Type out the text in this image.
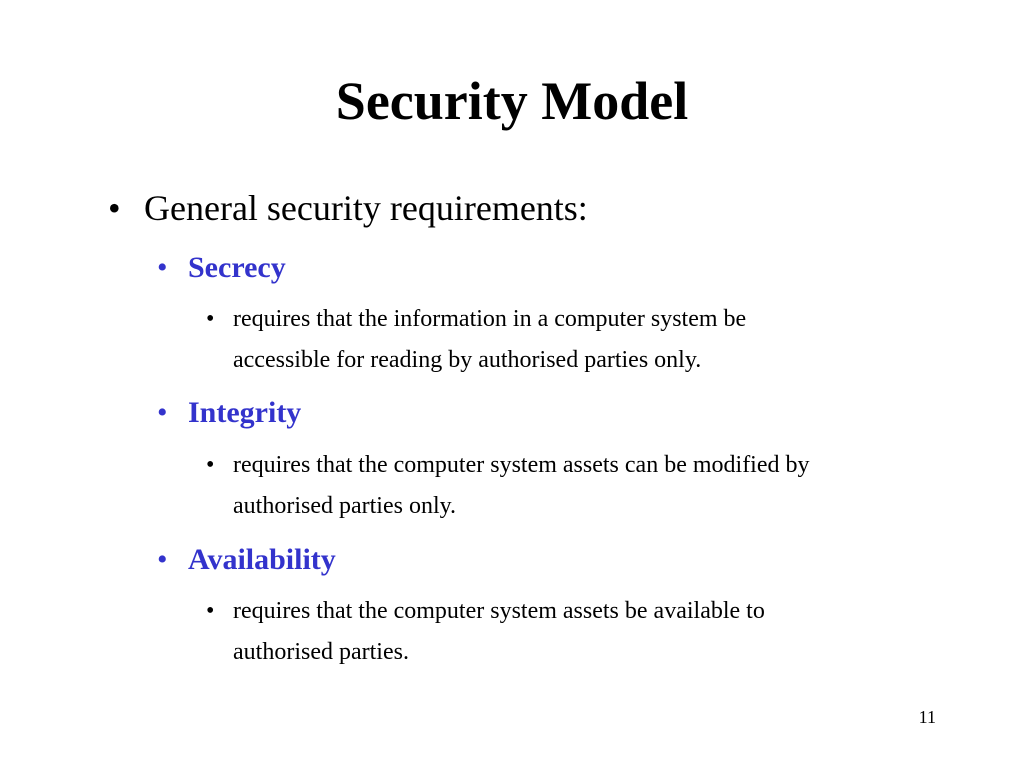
Security Model
• General security requirements:
• Secrecy
• requires that the information in a computer system be
accessible for reading by authorised parties only.
• Integrity
• requires that the computer system assets can be modified by
authorised parties only.
• Availability
• requires that the computer system assets be available to
authorised parties.
11
